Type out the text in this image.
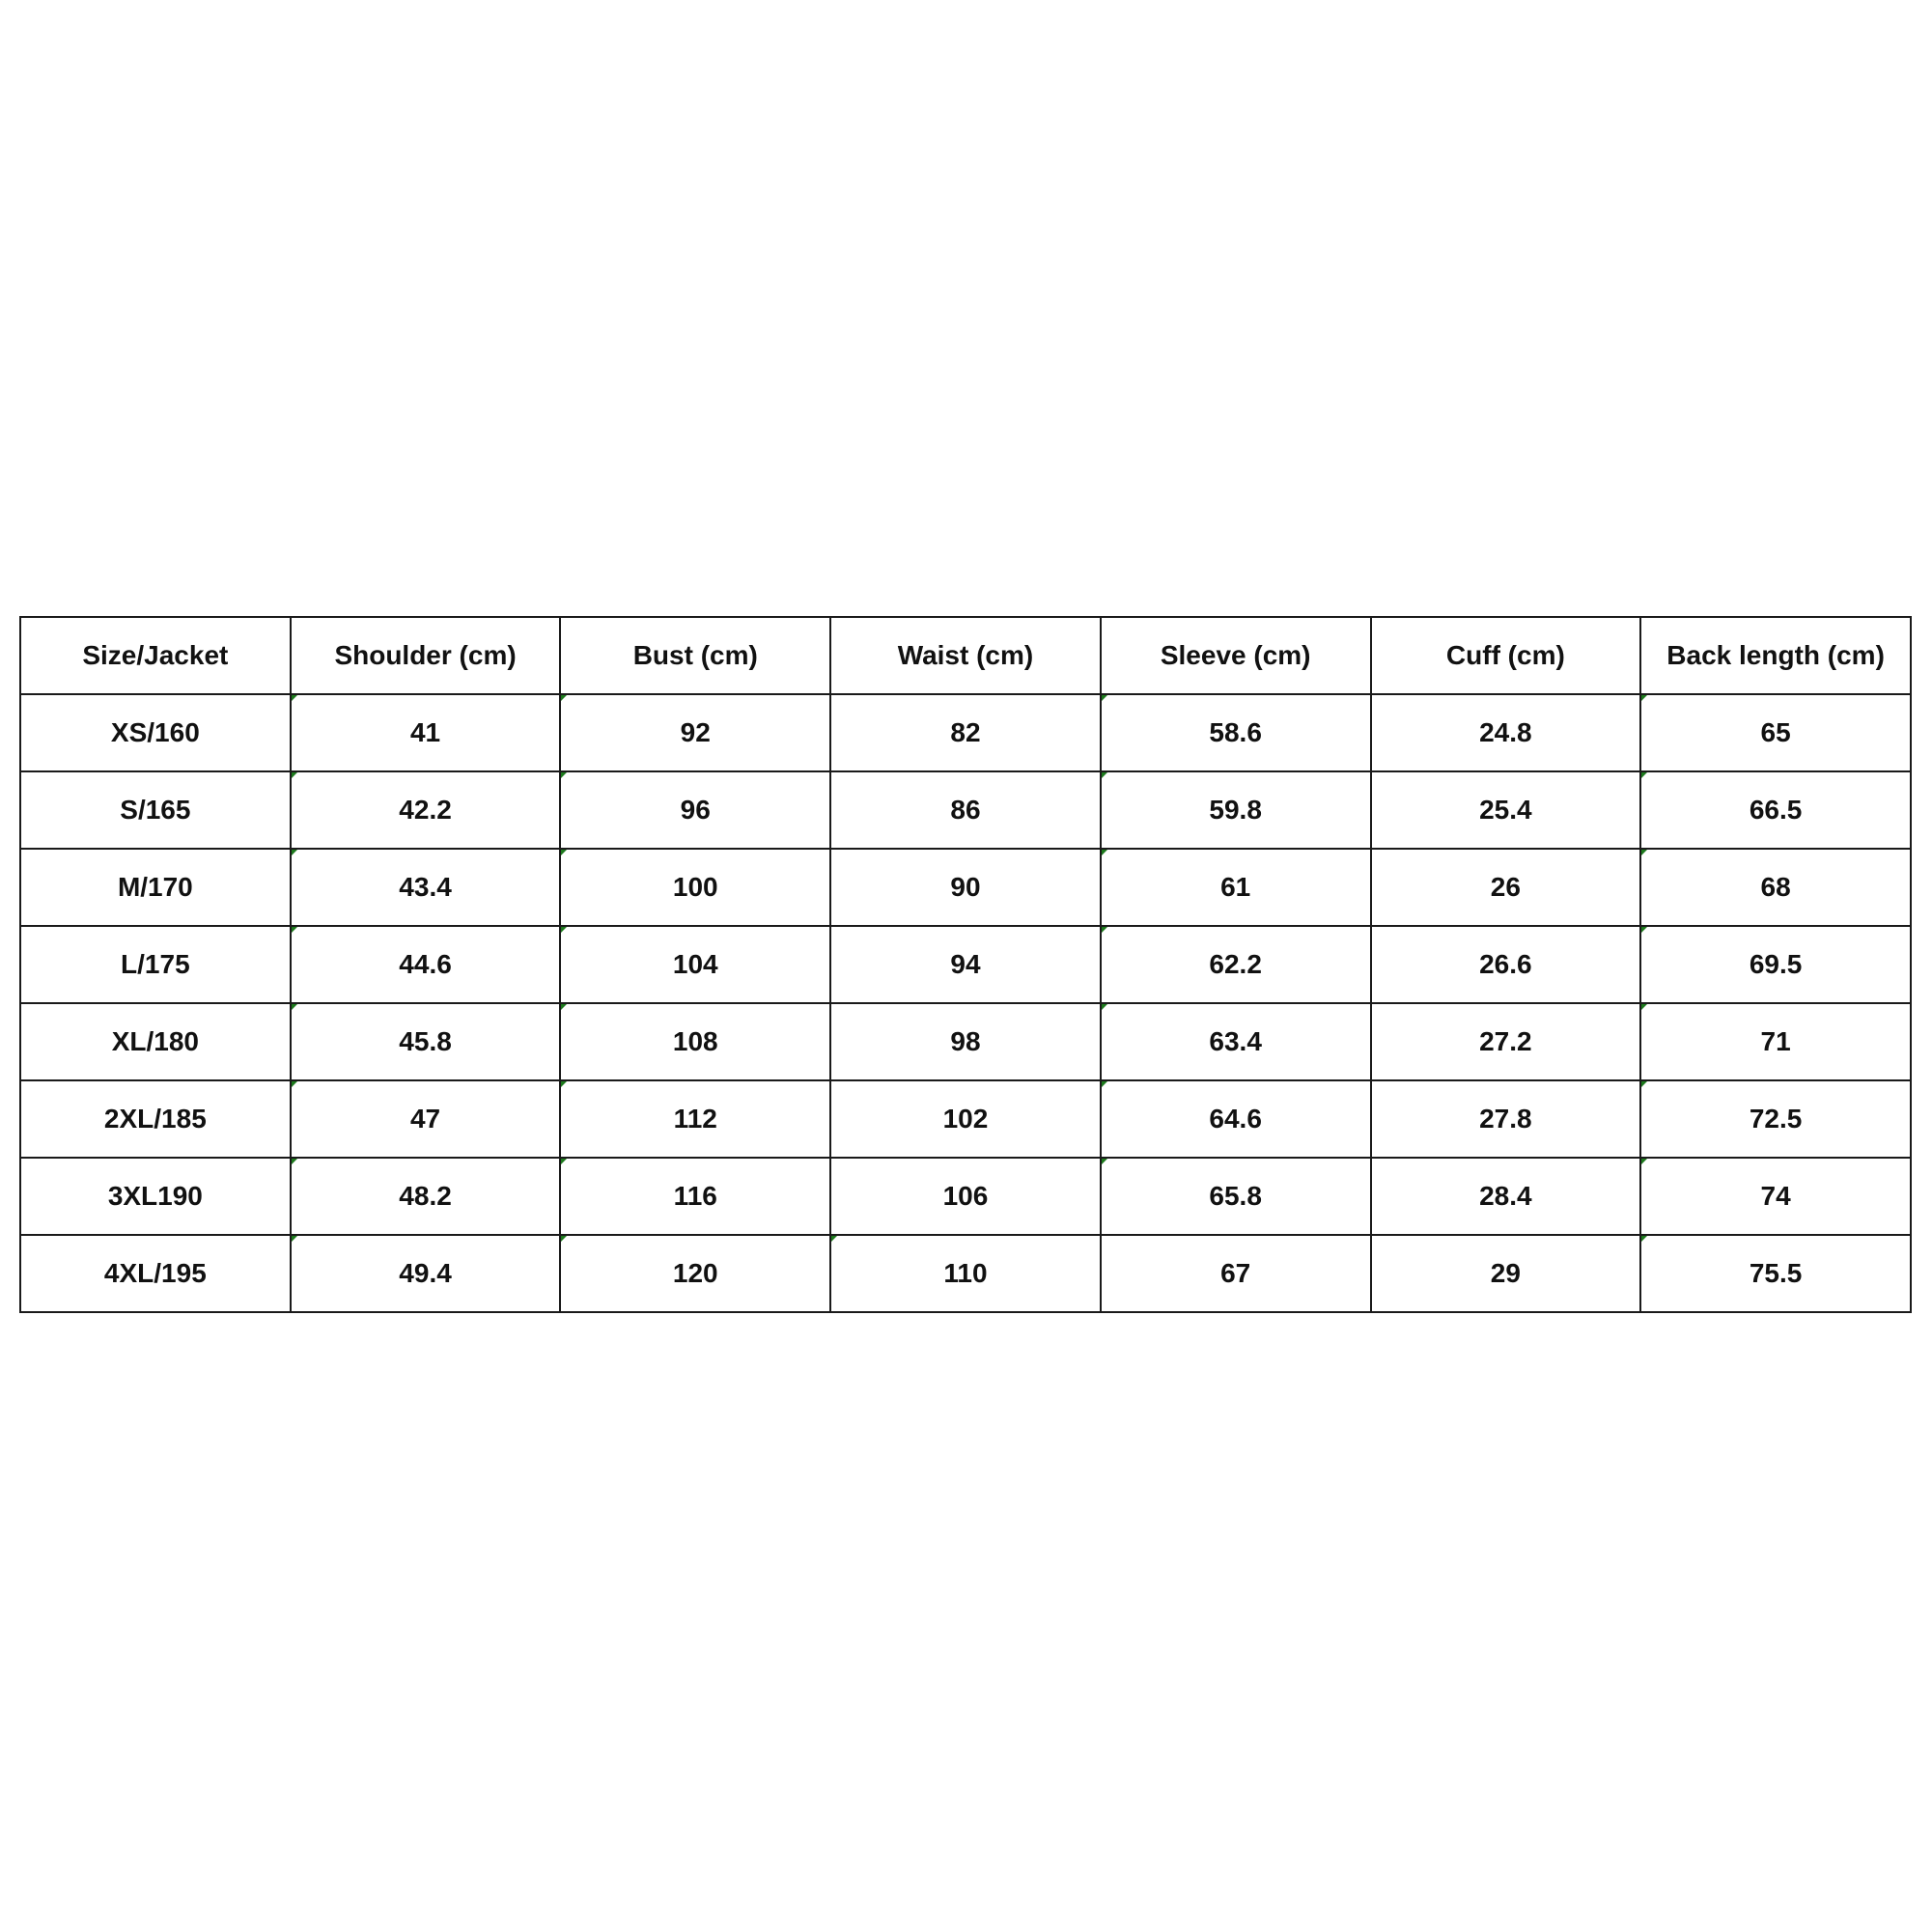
Size/Jacket	Shoulder (cm)	Bust (cm)	Waist (cm)	Sleeve (cm)	Cuff (cm)	Back length (cm)
XS/160	41	92	82	58.6	24.8	65
S/165	42.2	96	86	59.8	25.4	66.5
M/170	43.4	100	90	61	26	68
L/175	44.6	104	94	62.2	26.6	69.5
XL/180	45.8	108	98	63.4	27.2	71
2XL/185	47	112	102	64.6	27.8	72.5
3XL190	48.2	116	106	65.8	28.4	74
4XL/195	49.4	120	110	67	29	75.5
